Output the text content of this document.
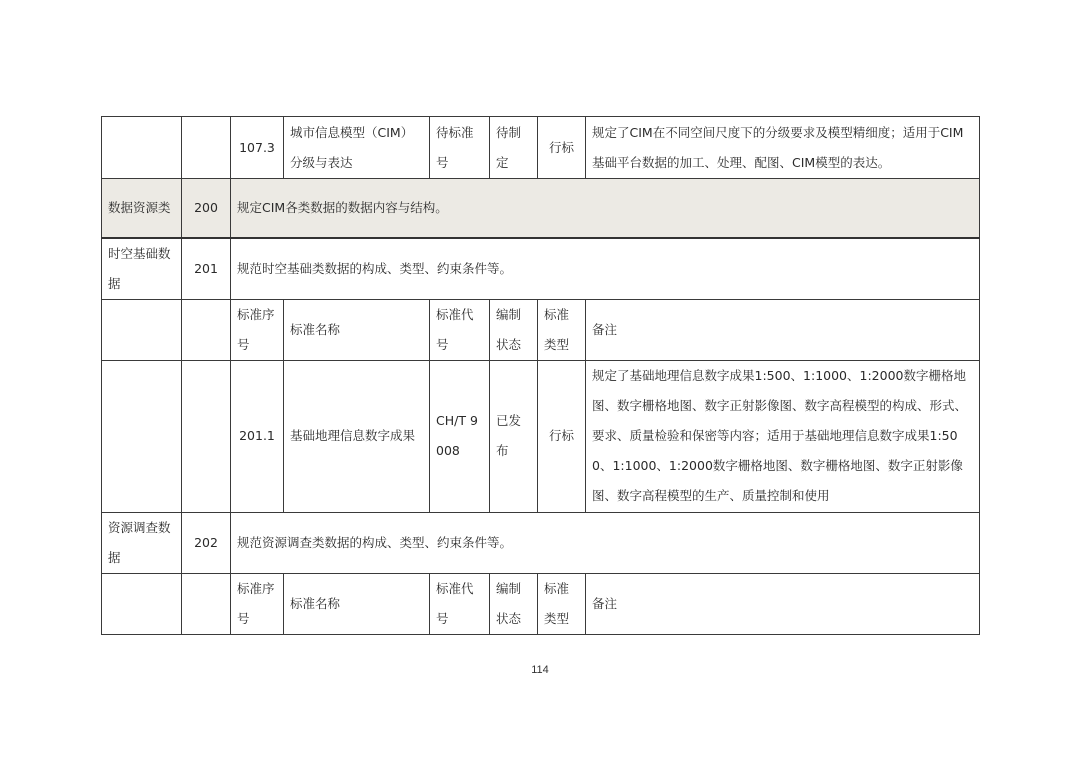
		107.3	城市信息模型（CIM）分级与表达	待标准号	待制定	行标	规定了CIM在不同空间尺度下的分级要求及模型精细度；适用于CIM基础平台数据的加工、处理、配图、CIM模型的表达。
数据资源类	200	规定CIM各类数据的数据内容与结构。					
时空基础数据	201	规范时空基础类数据的构成、类型、约束条件等。					
		标准序号	标准名称	标准代号	编制状态	标准类型	备注
		201.1	基础地理信息数字成果	CH/T 9008	已发布	行标	规定了基础地理信息数字成果1:500、1:1000、1:2000数字栅格地图、数字栅格地图、数字正射影像图、数字高程模型的构成、形式、要求、质量检验和保密等内容；适用于基础地理信息数字成果1:500、1:1000、1:2000数字栅格地图、数字栅格地图、数字正射影像图、数字高程模型的生产、质量控制和使用
资源调查数据	202	规范资源调查类数据的构成、类型、约束条件等。					
		标准序号	标准名称	标准代号	编制状态	标准类型	备注
114
